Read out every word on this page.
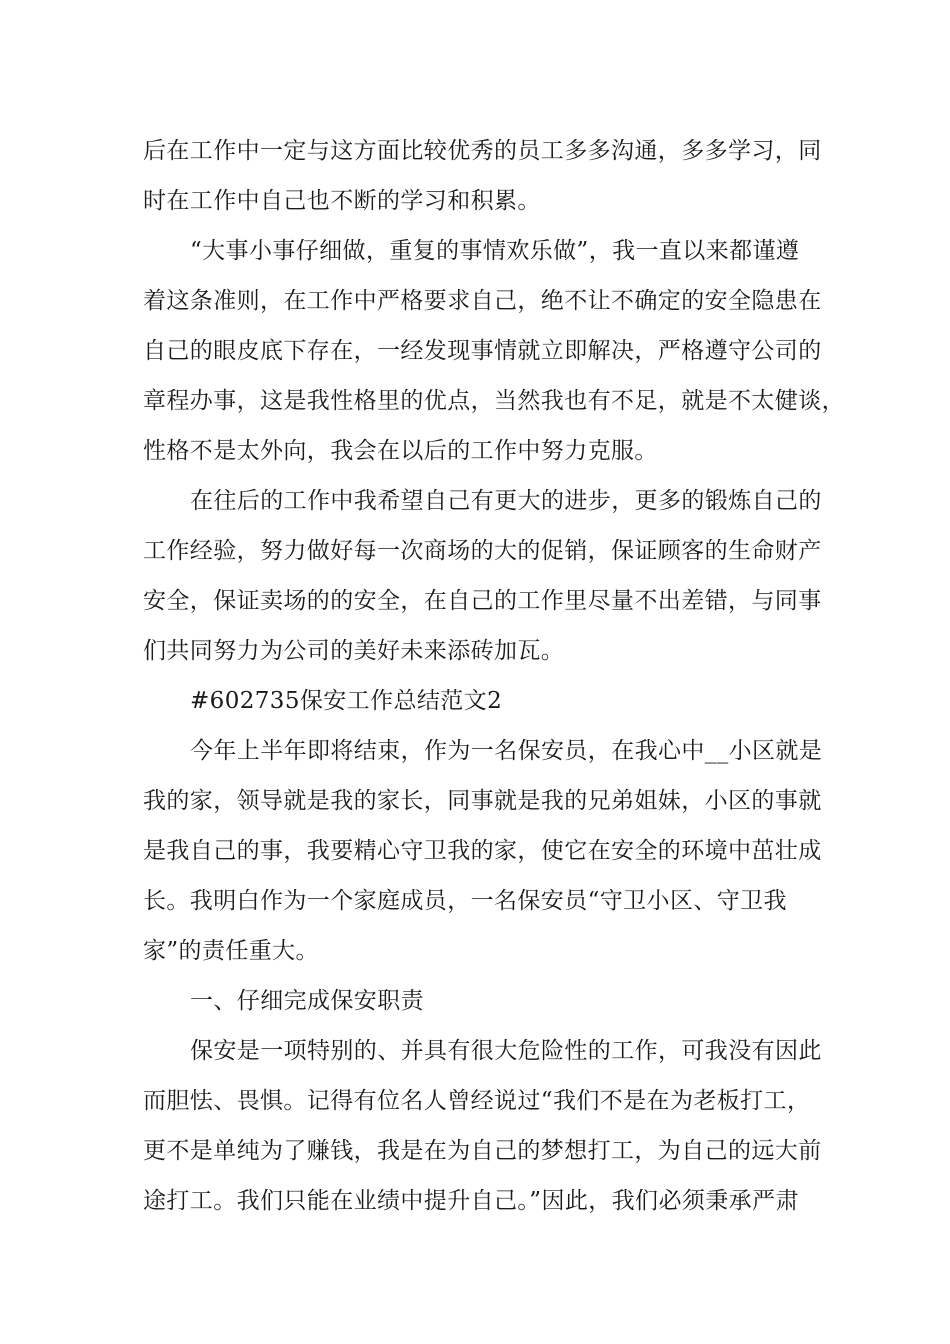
后在工作中一定与这方面比较优秀的员工多多沟通，多多学习，同
时在工作中自己也不断的学习和积累。
“大事小事仔细做，重复的事情欢乐做”，我一直以来都谨遵
着这条准则，在工作中严格要求自己，绝不让不确定的安全隐患在
自己的眼皮底下存在，一经发现事情就立即解决，严格遵守公司的
章程办事，这是我性格里的优点，当然我也有不足，就是不太健谈，
性格不是太外向，我会在以后的工作中努力克服。
在往后的工作中我希望自己有更大的进步，更多的锻炼自己的
工作经验，努力做好每一次商场的大的促销，保证顾客的生命财产
安全，保证卖场的的安全，在自己的工作里尽量不出差错，与同事
们共同努力为公司的美好未来添砖加瓦。
#602735保安工作总结范文2
今年上半年即将结束，作为一名保安员，在我心中__小区就是
我的家，领导就是我的家长，同事就是我的兄弟姐妹，小区的事就
是我自己的事，我要精心守卫我的家，使它在安全的环境中茁壮成
长。我明白作为一个家庭成员，一名保安员“守卫小区、守卫我
家”的责任重大。
一、仔细完成保安职责
保安是一项特别的、并具有很大危险性的工作，可我没有因此
而胆怯、畏惧。记得有位名人曾经说过“我们不是在为老板打工，
更不是单纯为了赚钱，我是在为自己的梦想打工，为自己的远大前
途打工。我们只能在业绩中提升自己。”因此，我们必须秉承严肃
